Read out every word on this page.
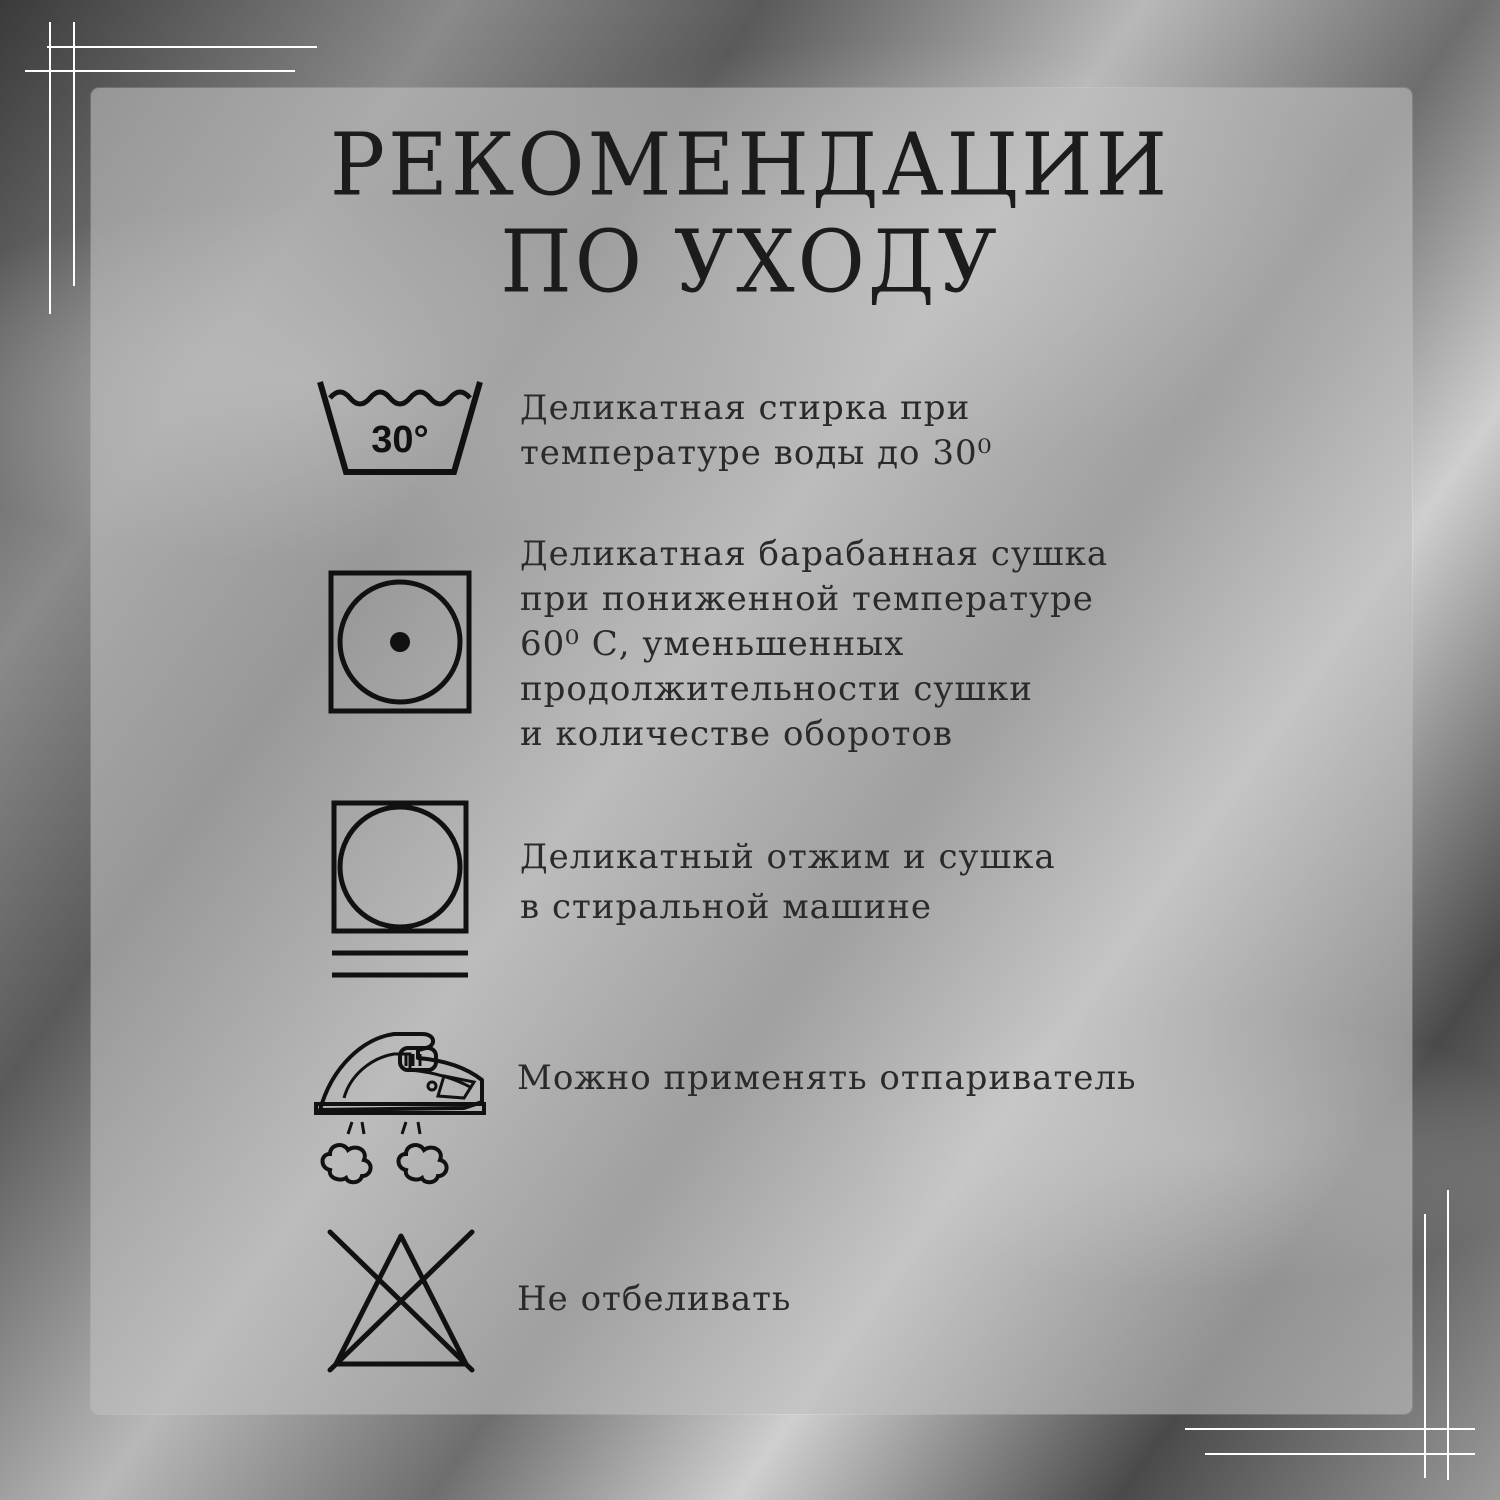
РЕКОМЕНДАЦИИ
ПО УХОДУ
30°

Деликатная стирка при
температуре воды до 30⁰

Деликатная барабанная сушка
при пониженной температуре
60⁰ С, уменьшенных
продолжительности сушки
и количестве оборотов

Деликатный отжим и сушка
в стиральной машине

Можно применять отпариватель

Не отбеливать
